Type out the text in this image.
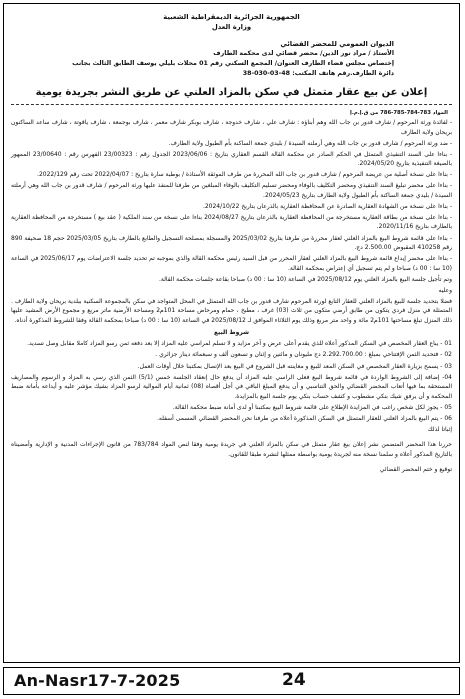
الجمهورية الجزائرية الديمقراطية الشعبية
وزارة العدل
الديوان العمومي للمحضر القضائي
الأستاذ / مراد نور الدين/ محضر قضائي لدى محكمة الطارف
إختصاص مجلس قضاء الطارف العنوان/ المجمع السكني رقم 01 محلات بليلي يوسف الطابق الثالث بجانب
دائرة الطارف.رقم هاتف المكتب: 48-03-030-38
إعلان عن بيع عقار متمثل في سكن بالمزاد العلني عن طريق النشر بجريدة يومية
المواد 783-784-785-786 من ق.إ.م.إ
- لفائدة ورثة المرحوم / شارف قدور بن جاب الله وهم أبناؤه : شارف علي ، شارف خدوجة ، شارف بوبكر شارف معمر ، شارف بوجمعة ، شارف ياقوتة ، شارف ساعد الساكنون بريحان ولاية الطارف
- ضد ورثة المرحوم / شارف قدور بن جاب الله وهي أرملته السيدة / بليدي جمعة الساكنة بأم الطبول ولاية الطارف.
- بناءا على السند التنفيذي المتمثل في الحكم الصادر عن محكمة القالة القسم العقاري بتاريخ : 2023/06/06 الجدول رقم : 23/00323 الفهرس رقم : 23/00640 الممهور بالصيغة التنفيذية بتاريخ 2024/05/20.
- بناءا على نسخة أصلية من عريضة المرحوم / شارف قدور بن جاب الله المحررة من طرف الموثقة الأستاذة / بوطبة سارة بتاريخ : 2022/04/07 تحت رقم 2022/129.
- بناءا على محضر تبليغ السند التنفيذي ومحضر التكليف بالوفاء ومحضر تسليم التكليف بالوفاء المبلغين من طرفنا للمنفذ عليها ورثة المرحوم / شارف قدور بن جاب الله وهي أرملته السيدة / بليدي جمعة الساكنة بأم الطبول ولاية الطارف بتاريخ 2024/05/23.
- بناءا على نسخة من الشهادة العقارية الصادرة عن المحافظة العقارية بالذرعان بتاريخ 2024/10/22.
- بناءا على نسخة من بطاقة العقارية مستخرجة من المحافظة العقارية بالذرعان بتاريخ 2024/08/27 بناءا على نسخة من سند الملكية ( عقد بيع ) مستخرجة من المحافظة العقارية بالطارف بتاريخ 2020/11/16.
- بناءا على قائمة شروط البيع بالمزاد العلني لعقار محررة من طرفنا بتاريخ 2025/03/02 والمسجلة بمصلحة التسجيل والطابع بالطارف بتاريخ 2025/03/05 حجم 18 صحيفة 890 رقم 410258 المقبوض 2.500.00 دج.
- بناءا على محضر إيداع قائمة شروط البيع بالمزاد العلني لعقار المحرر من قبل السيد رئيس محكمة القالة والذي بموجبه تم تحديد جلسة الاعتراضات يوم 2025/06/17 في الساعة (10 سا : 00 د) صباحا و لم يتم تسجيل أي إعتراض بمحكمة القالة.
وتم تأجيل جلسة البيع بالمزاد العلني يوم 2025/08/12 في الساعة (10 سا : 00 د) صباحا بقاعة جلسات محكمة القالة.
وعليه
فضلا بتحديد جلسة للبيع بالمزاد العلني للعقار التابع لورثة المرحوم شارف قدور بن جاب الله المتمثل في المحل المتواجد في سكن بالمجموعة السكنية ببلدية بريحان ولاية الطارف . المتمثلة في منزل فردي يتكون من طابق أرضي متكون من ثلاث (03) غرف ، مطبخ ، حمام ومرحاض مساحة 101م2 ومساحة الأرضية ماتر مربع و مجموع الأرض المشيد عليها ذلك المنزل تبلغ مساحتها 101م2 مائة و واحد متر مربع وذلك يوم الثلاثاء الموافق لـ 2025/08/12 في الساعة (10 سا : 00 د) صباحا بمحكمة القالة وفقا للشروط المذكورة أدناه.
شروط البيع
01 - يباع العقار المخصص في السكن المذكور أعلاه للذي يقدم أعلى عرض و آخر مزايد و لا تسلم لمراسي عليه المزاد إلا بعد دفعه ثمن رسو المزاد كاملا مقابل وصل تسديد.
02 - فتحديد الثمن الإفتتاحي بمبلغ : 2.292.700.00 دج مليونان و مائتين و إثنان و تسعون ألف و سبعمائة دينار جزائري .
03 - يسمح بزيارة العقار المخصص في السكن المعد للبيع و معاينته قبل الشروع في البيع بعد الإتصال بمكتبنا خلال أوقات العمل.
04- إضافة إلى الشروط الواردة في قائمة شروط البيع فعلى الراسي عليه المزاد أن يدفع حال إنعقاد الجلسة خمس (5/1) الثمن الذي رسي به المزاد و الرسوم والمصاريف المستحقة بما فيها أتعاب المحضر القضائي والحق التناسبي و أن يدفع المبلغ الباقي في أجل أقصاه (08) ثمانية أيام الموالية لرسو المزاد بشيك مؤشر عليه و أيداعه بأمانة ضبط المحكمة و أن يرفق شيك بنكي مشطوب و كشف حساب بنكي يوم جلسة البيع بالمزايدة.
05 - يجوز لكل شخص راغب في المزايدة الإطلاع على قائمة شروط البيع بمكتبنا أو لدى أمانة ضبط محكمة القالة.
06 - يتم البيع بالمزاد العلني للعقار المتمثل في السكن المذكورة أعلاه من طرفنا نحن المحضر القضائي المسمى أسفله.
إثباتا لذلك
حررنا هذا المحضر المتضمن نشر إعلان بيع عقار متمثل في سكن بالمزاد العلني في جريدة يومية وفقا لنص المواد 783/784 من قانون الإجراءات المدنية و الإدارية وأمضيناه بالتاريخ المذكور أعلاه و سلمنا نسخة منه لجريدة يومية بواسطة ممثلها لنشره طبقا للقانون.
توقيع و ختم المحضر القضائي
An-Nasr17-7-2025	24
